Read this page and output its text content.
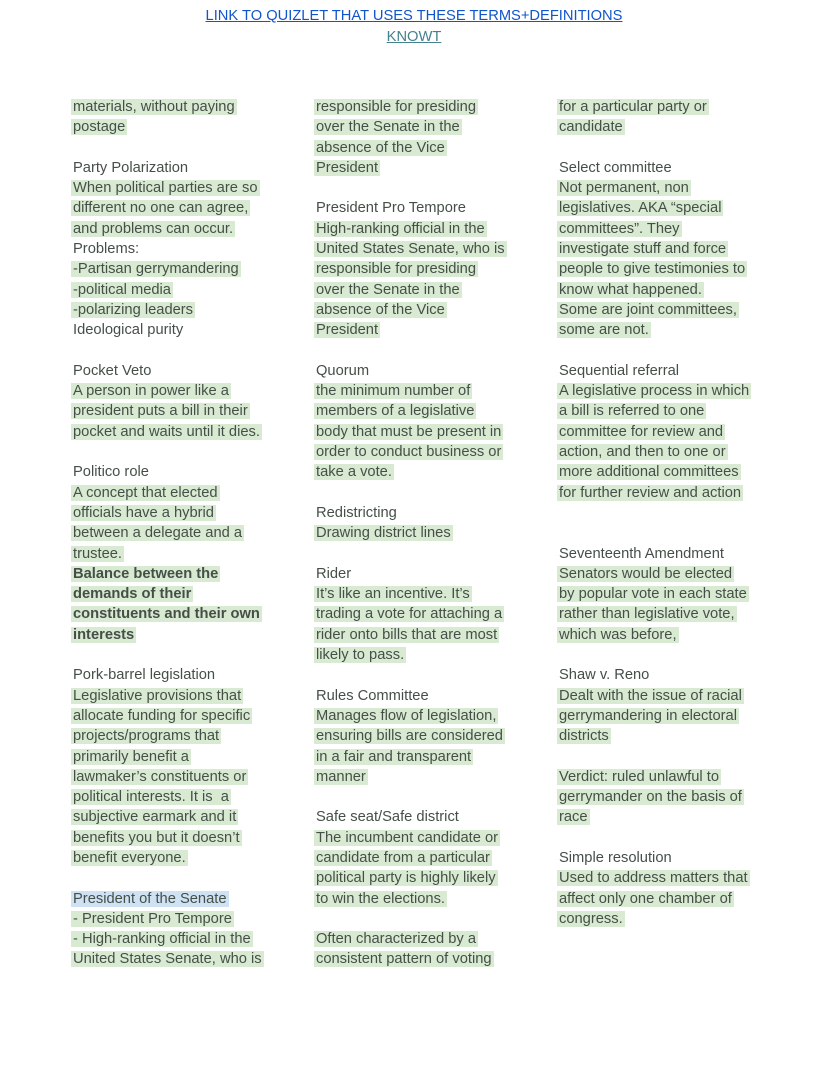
LINK TO QUIZLET THAT USES THESE TERMS+DEFINITIONS
KNOWT
materials, without paying
postage
Party Polarization
When political parties are so
different no one can agree,
and problems can occur.
Problems:
-Partisan gerrymandering
-political media
-polarizing leaders
Ideological purity
Pocket Veto
A person in power like a
president puts a bill in their
pocket and waits until it dies.
Politico role
A concept that elected
officials have a hybrid
between a delegate and a
trustee.
Balance between the
demands of their
constituents and their own
interests
Pork-barrel legislation
Legislative provisions that
allocate funding for specific
projects/programs that
primarily benefit a
lawmaker’s constituents or
political interests. It is  a
subjective earmark and it
benefits you but it doesn’t
benefit everyone.
President of the Senate
- President Pro Tempore
- High-ranking official in the
United States Senate, who is
responsible for presiding
over the Senate in the
absence of the Vice
President
President Pro Tempore
High-ranking official in the
United States Senate, who is
responsible for presiding
over the Senate in the
absence of the Vice
President
Quorum
the minimum number of
members of a legislative
body that must be present in
order to conduct business or
take a vote.
Redistricting
Drawing district lines
Rider
It’s like an incentive. It’s
trading a vote for attaching a
rider onto bills that are most
likely to pass.
Rules Committee
Manages flow of legislation,
ensuring bills are considered
in a fair and transparent
manner
Safe seat/Safe district
The incumbent candidate or
candidate from a particular
political party is highly likely
to win the elections.
Often characterized by a
consistent pattern of voting
for a particular party or
candidate
Select committee
Not permanent, non
legislatives. AKA “special
committees”. They
investigate stuff and force
people to give testimonies to
know what happened.
Some are joint committees,
some are not.
Sequential referral
A legislative process in which
a bill is referred to one
committee for review and
action, and then to one or
more additional committees
for further review and action
Seventeenth Amendment
Senators would be elected
by popular vote in each state
rather than legislative vote,
which was before,
Shaw v. Reno
Dealt with the issue of racial
gerrymandering in electoral
districts
Verdict: ruled unlawful to
gerrymander on the basis of
race
Simple resolution
Used to address matters that
affect only one chamber of
congress.
